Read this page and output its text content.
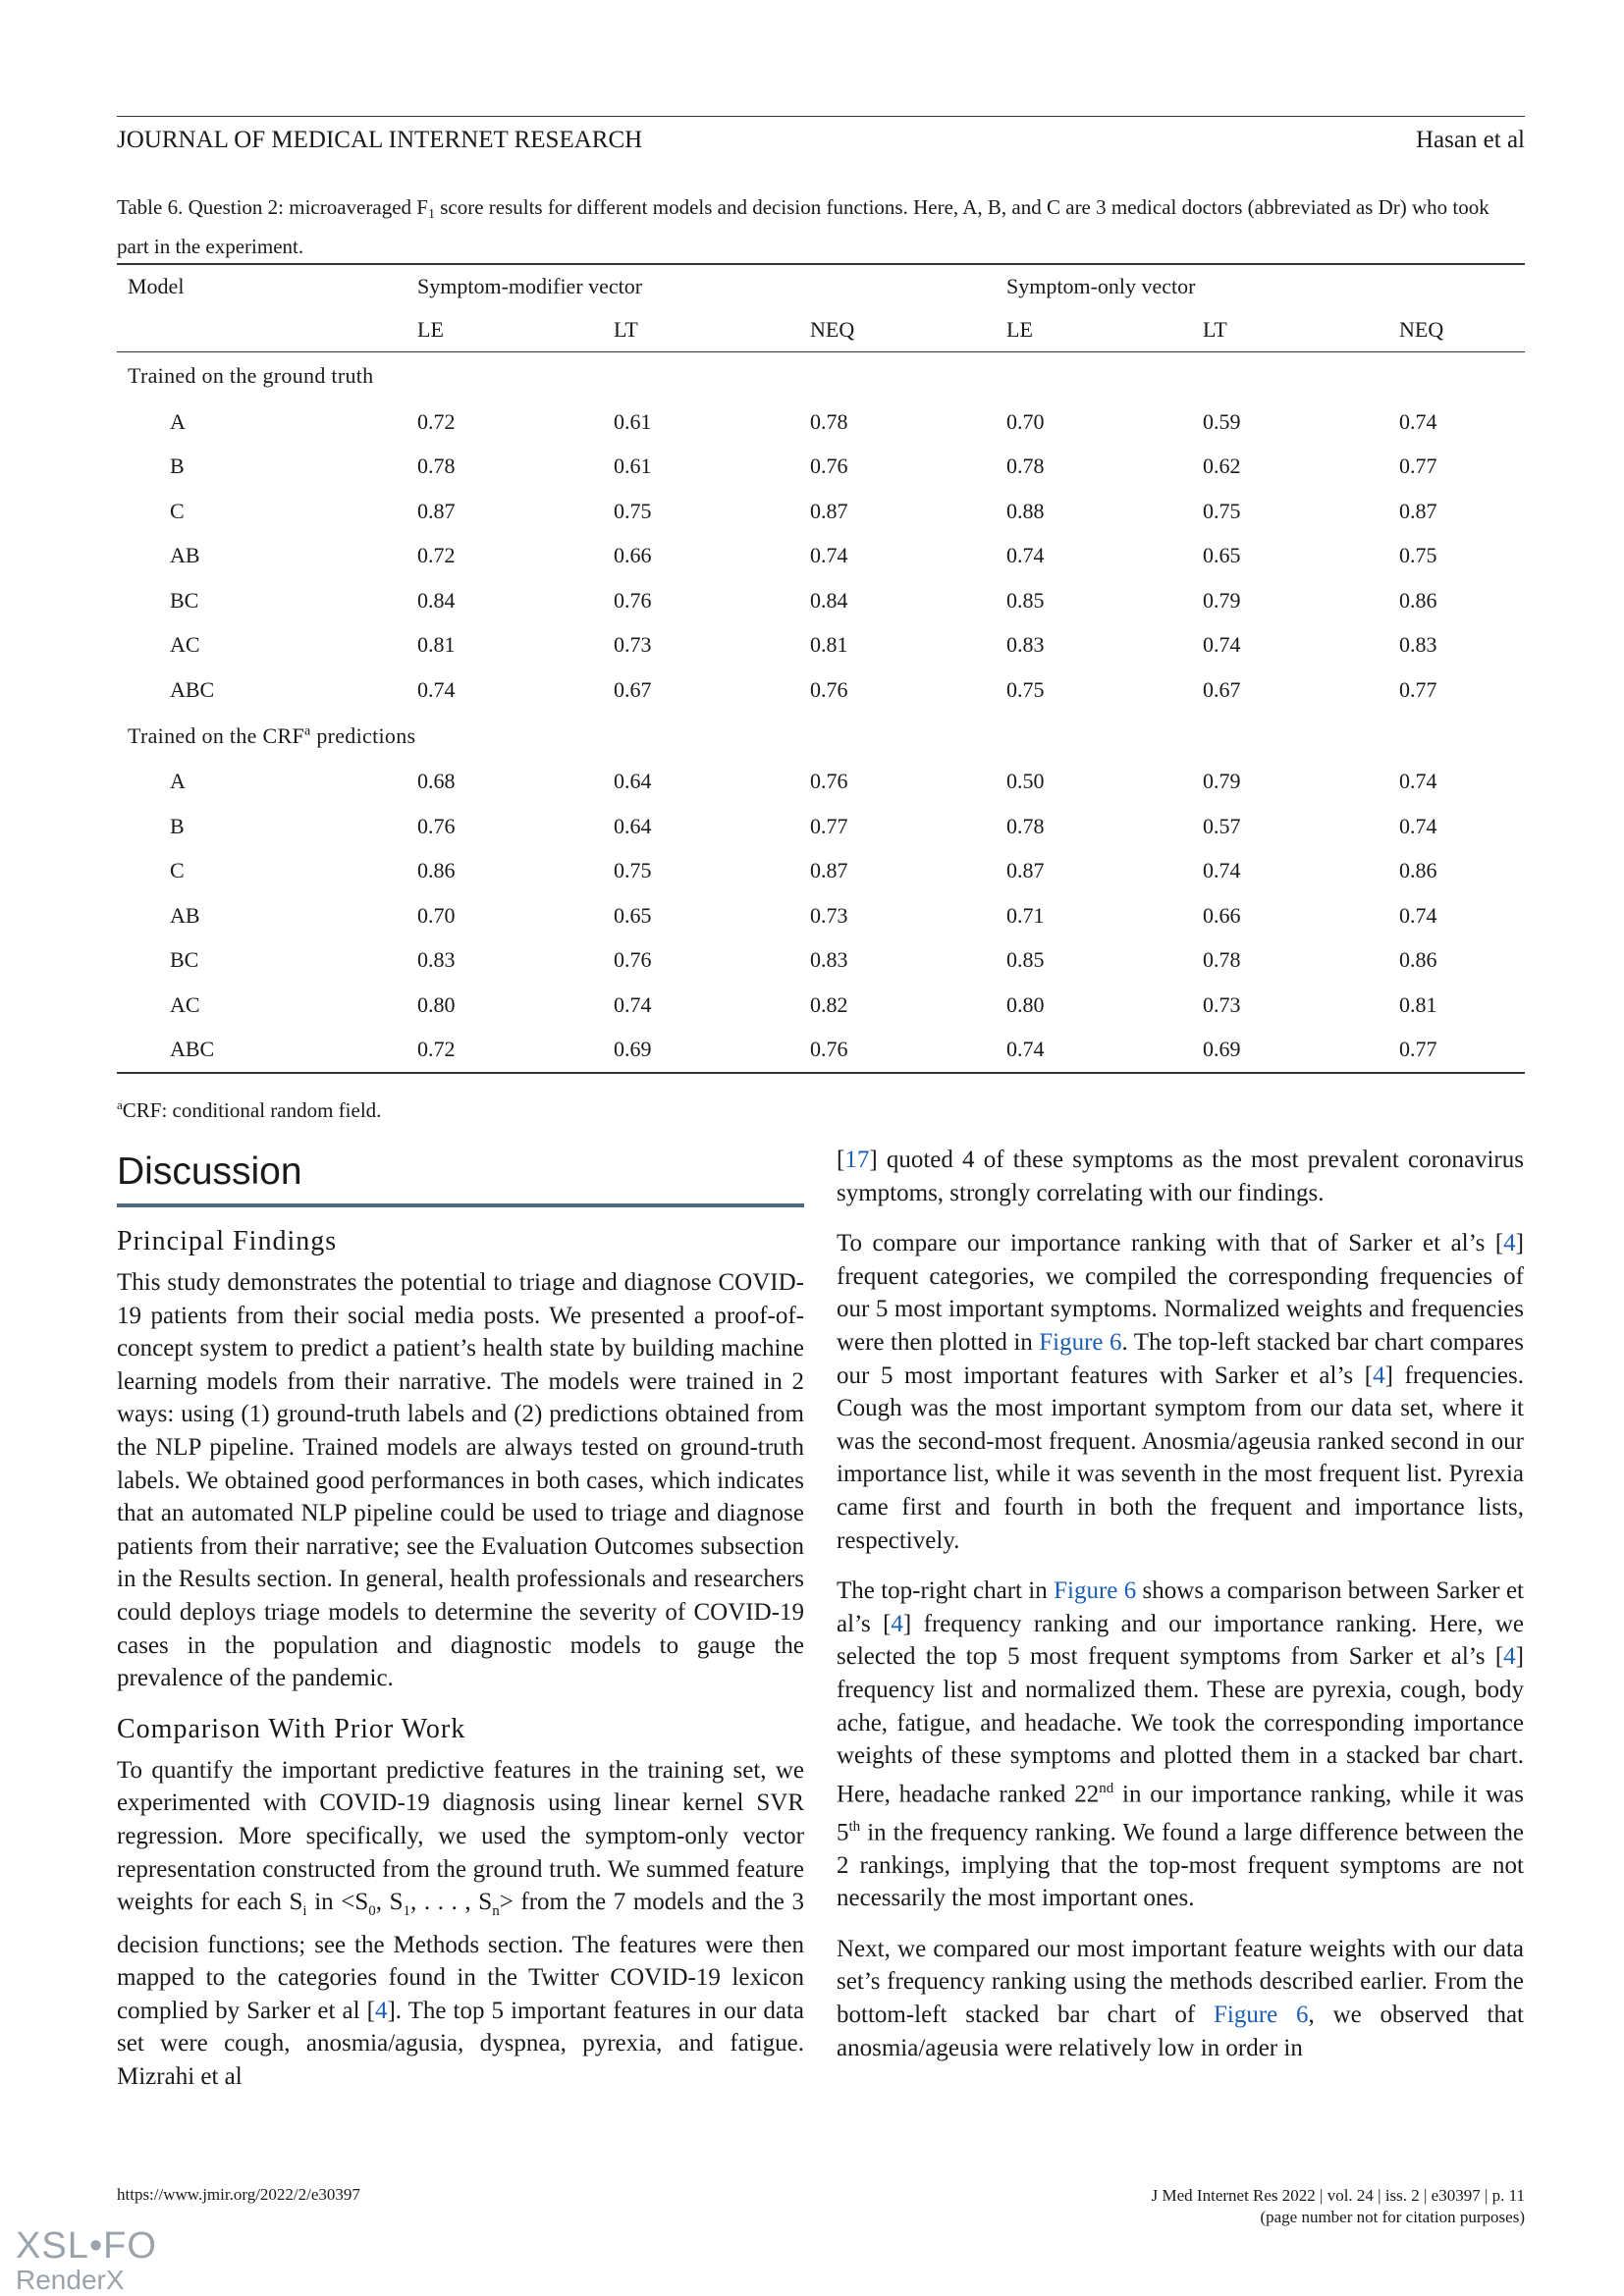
JOURNAL OF MEDICAL INTERNET RESEARCH	Hasan et al
Table 6. Question 2: microaveraged $F_1$ score results for different models and decision functions. Here, A, B, and C are 3 medical doctors (abbreviated as Dr) who took part in the experiment.
Model	Symptom-modifier vector			Symptom-only vector		
	LE	LT	NEQ	LE	LT	NEQ
Trained on the ground truth						
A	0.72	0.61	0.78	0.70	0.59	0.74
B	0.78	0.61	0.76	0.78	0.62	0.77
C	0.87	0.75	0.87	0.88	0.75	0.87
AB	0.72	0.66	0.74	0.74	0.65	0.75
BC	0.84	0.76	0.84	0.85	0.79	0.86
AC	0.81	0.73	0.81	0.83	0.74	0.83
ABC	0.74	0.67	0.76	0.75	0.67	0.77
Trained on the CRF$^a$ predictions						
A	0.68	0.64	0.76	0.50	0.79	0.74
B	0.76	0.64	0.77	0.78	0.57	0.74
C	0.86	0.75	0.87	0.87	0.74	0.86
AB	0.70	0.65	0.73	0.71	0.66	0.74
BC	0.83	0.76	0.83	0.85	0.78	0.86
AC	0.80	0.74	0.82	0.80	0.73	0.81
ABC	0.72	0.69	0.76	0.74	0.69	0.77
$^a$CRF: conditional random field.
Discussion
Principal Findings

This study demonstrates the potential to triage and diagnose COVID-19 patients from their social media posts. We presented a proof-of-concept system to predict a patient’s health state by building machine learning models from their narrative. The models were trained in 2 ways: using (1) ground-truth labels and (2) predictions obtained from the NLP pipeline. Trained models are always tested on ground-truth labels. We obtained good performances in both cases, which indicates that an automated NLP pipeline could be used to triage and diagnose patients from their narrative; see the Evaluation Outcomes subsection in the Results section. In general, health professionals and researchers could deploys triage models to determine the severity of COVID-19 cases in the population and diagnostic models to gauge the prevalence of the pandemic.

Comparison With Prior Work

To quantify the important predictive features in the training set, we experimented with COVID-19 diagnosis using linear kernel SVR regression. More specifically, we used the symptom-only vector representation constructed from the ground truth. We summed feature weights for each $S_i$ in $<S_0$, $S_1$, . . . , $S_n>$ from the 7 models and the 3 decision functions; see the Methods section. The features were then mapped to the categories found in the Twitter COVID-19 lexicon complied by Sarker et al [4]. The top 5 important features in our data set were cough, anosmia/agusia, dyspnea, pyrexia, and fatigue. Mizrahi et al

[17] quoted 4 of these symptoms as the most prevalent coronavirus symptoms, strongly correlating with our findings.

To compare our importance ranking with that of Sarker et al’s [4] frequent categories, we compiled the corresponding frequencies of our 5 most important symptoms. Normalized weights and frequencies were then plotted in Figure 6. The top-left stacked bar chart compares our 5 most important features with Sarker et al’s [4] frequencies. Cough was the most important symptom from our data set, where it was the second-most frequent. Anosmia/ageusia ranked second in our importance list, while it was seventh in the most frequent list. Pyrexia came first and fourth in both the frequent and importance lists, respectively.

The top-right chart in Figure 6 shows a comparison between Sarker et al’s [4] frequency ranking and our importance ranking. Here, we selected the top 5 most frequent symptoms from Sarker et al’s [4] frequency list and normalized them. These are pyrexia, cough, body ache, fatigue, and headache. We took the corresponding importance weights of these symptoms and plotted them in a stacked bar chart. Here, headache ranked 22nd in our importance ranking, while it was 5th in the frequency ranking. We found a large difference between the 2 rankings, implying that the top-most frequent symptoms are not necessarily the most important ones.

Next, we compared our most important feature weights with our data set’s frequency ranking using the methods described earlier. From the bottom-left stacked bar chart of Figure 6, we observed that anosmia/ageusia were relatively low in order in

https://www.jmir.org/2022/2/e30397	J Med Internet Res 2022 | vol. 24 | iss. 2 | e30397 | p. 11
(page number not for citation purposes)
XSL•FO
RenderX
